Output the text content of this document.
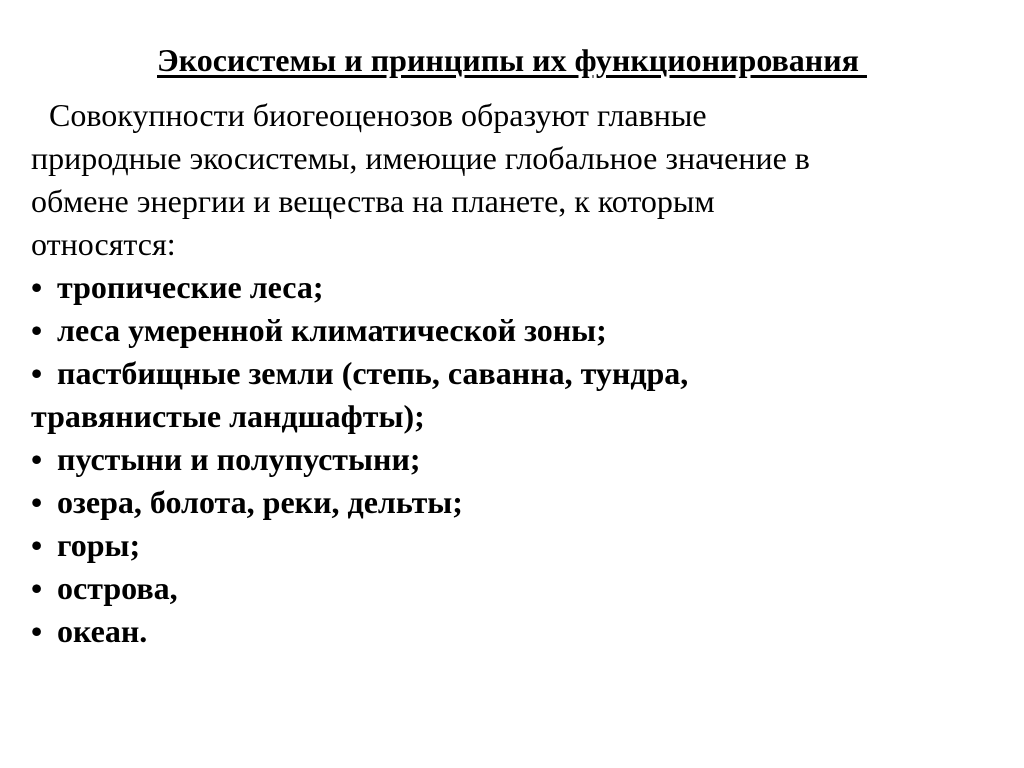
Экосистемы и принципы их функционирования

Совокупности биогеоценозов образуют главные
природные экосистемы, имеющие глобальное значение в
обмене энергии и вещества на планете, к которым
относятся:

• тропические леса;
• леса умеренной климатической зоны;
• пастбищные земли (степь, саванна, тундра,
травянистые ландшафты);
• пустыни и полупустыни;
• озера, болота, реки, дельты;
• горы;
• острова,
• океан.
